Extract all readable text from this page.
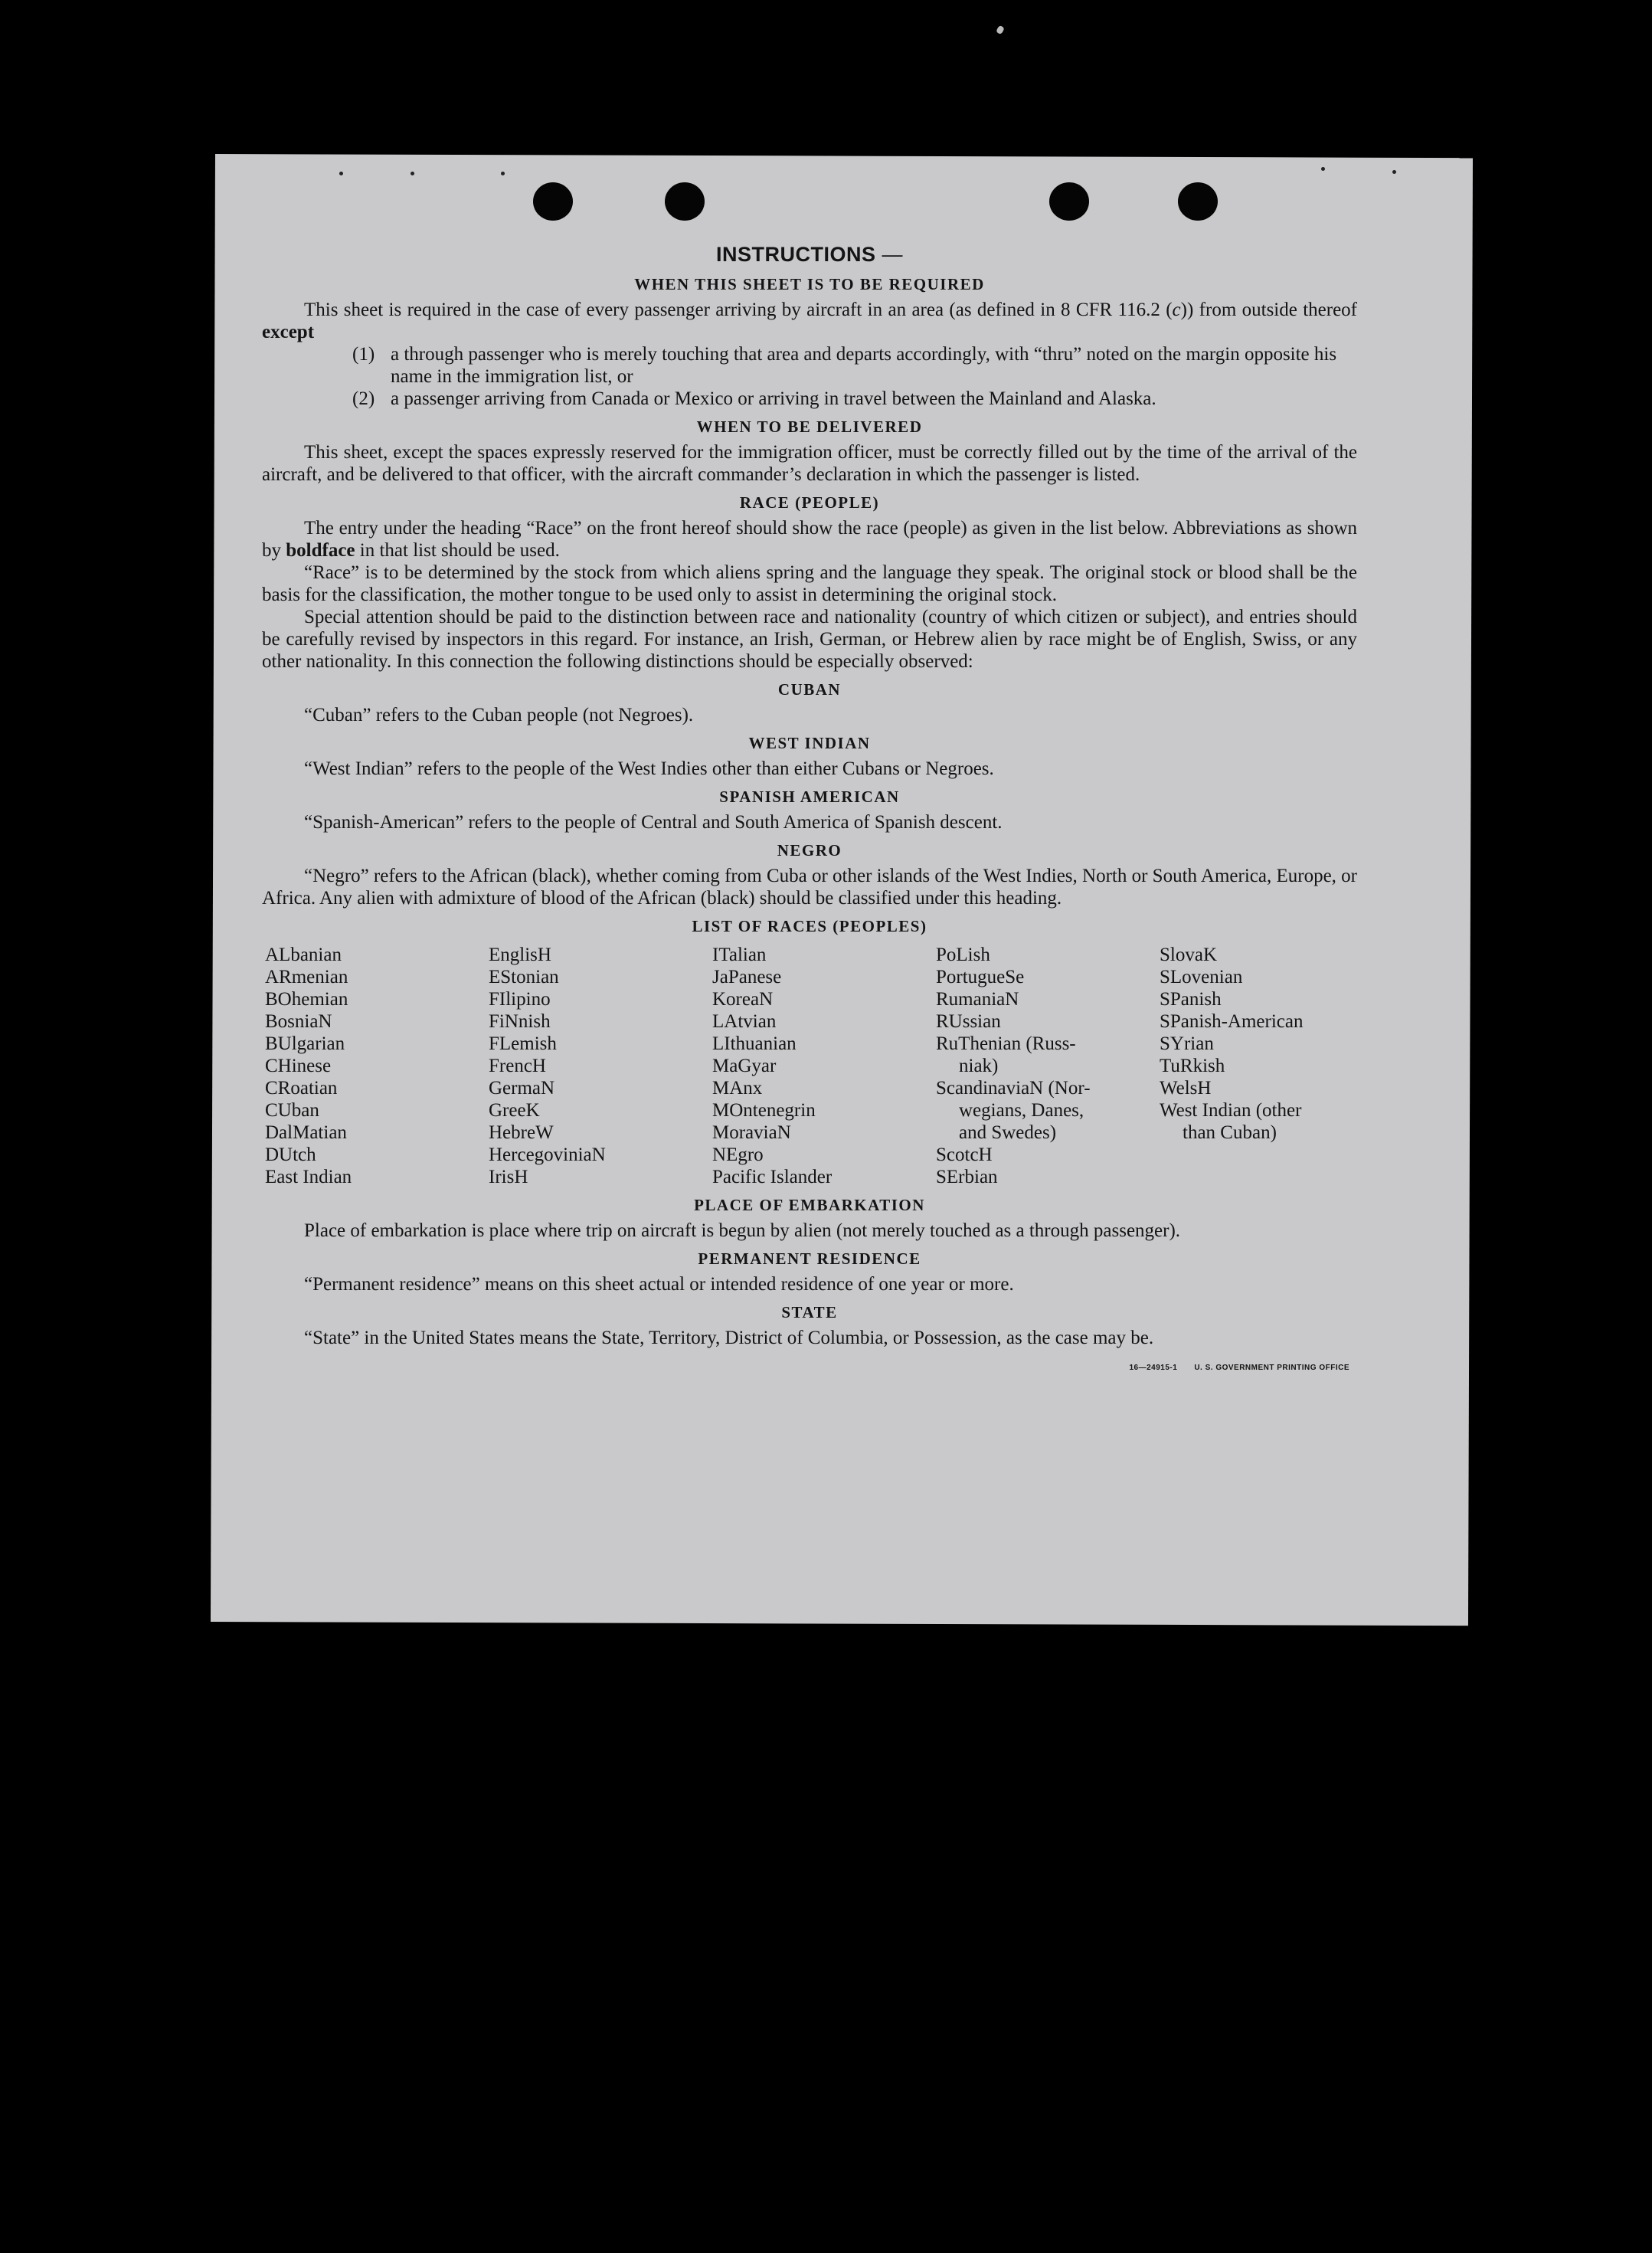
INSTRUCTIONS —
WHEN THIS SHEET IS TO BE REQUIRED

This sheet is required in the case of every passenger arriving by aircraft in an area (as defined in 8 CFR 116.2 (c)) from outside thereof except

(1) a through passenger who is merely touching that area and departs accordingly, with “thru” noted on the margin opposite his name in the immigration list, or
(2) a passenger arriving from Canada or Mexico or arriving in travel between the Mainland and Alaska.
WHEN TO BE DELIVERED

This sheet, except the spaces expressly reserved for the immigration officer, must be correctly filled out by the time of the arrival of the aircraft, and be delivered to that officer, with the aircraft commander’s declaration in which the passenger is listed.

RACE (PEOPLE)

The entry under the heading “Race” on the front hereof should show the race (people) as given in the list below. Abbreviations as shown by boldface in that list should be used.

“Race” is to be determined by the stock from which aliens spring and the language they speak. The original stock or blood shall be the basis for the classification, the mother tongue to be used only to assist in determining the original stock.

Special attention should be paid to the distinction between race and nationality (country of which citizen or subject), and entries should be carefully revised by inspectors in this regard. For instance, an Irish, German, or Hebrew alien by race might be of English, Swiss, or any other nationality. In this connection the following distinctions should be especially observed:

CUBAN

“Cuban” refers to the Cuban people (not Negroes).

WEST INDIAN

“West Indian” refers to the people of the West Indies other than either Cubans or Negroes.

SPANISH AMERICAN

“Spanish-American” refers to the people of Central and South America of Spanish descent.

NEGRO

“Negro” refers to the African (black), whether coming from Cuba or other islands of the West Indies, North or South America, Europe, or Africa. Any alien with admixture of blood of the African (black) should be classified under this heading.

LIST OF RACES (PEOPLES)
ALbanian
ARmenian
BOhemian
BosniaN
BUlgarian
CHinese
CRoatian
CUban
DalMatian
DUtch
East Indian
EnglisH
EStonian
FIlipino
FiNnish
FLemish
FrencH
GermaN
GreeK
HebreW
HercegoviniaN
IrisH
ITalian
JaPanese
KoreaN
LAtvian
LIthuanian
MaGyar
MAnx
MOntenegrin
MoraviaN
NEgro
Pacific Islander
PoLish
PortugueSe
RumaniaN
RUssian
RuThenian (Russ-
niak)
ScandinaviaN (Nor-
wegians, Danes,
and Swedes)
ScotcH
SErbian
SlovaK
SLovenian
SPanish
SPanish-American
SYrian
TuRkish
WelsH
West Indian (other
than Cuban)
PLACE OF EMBARKATION

Place of embarkation is place where trip on aircraft is begun by alien (not merely touched as a through passenger).

PERMANENT RESIDENCE

“Permanent residence” means on this sheet actual or intended residence of one year or more.

STATE

“State” in the United States means the State, Territory, District of Columbia, or Possession, as the case may be.

16—24915-1 U. S. GOVERNMENT PRINTING OFFICE
